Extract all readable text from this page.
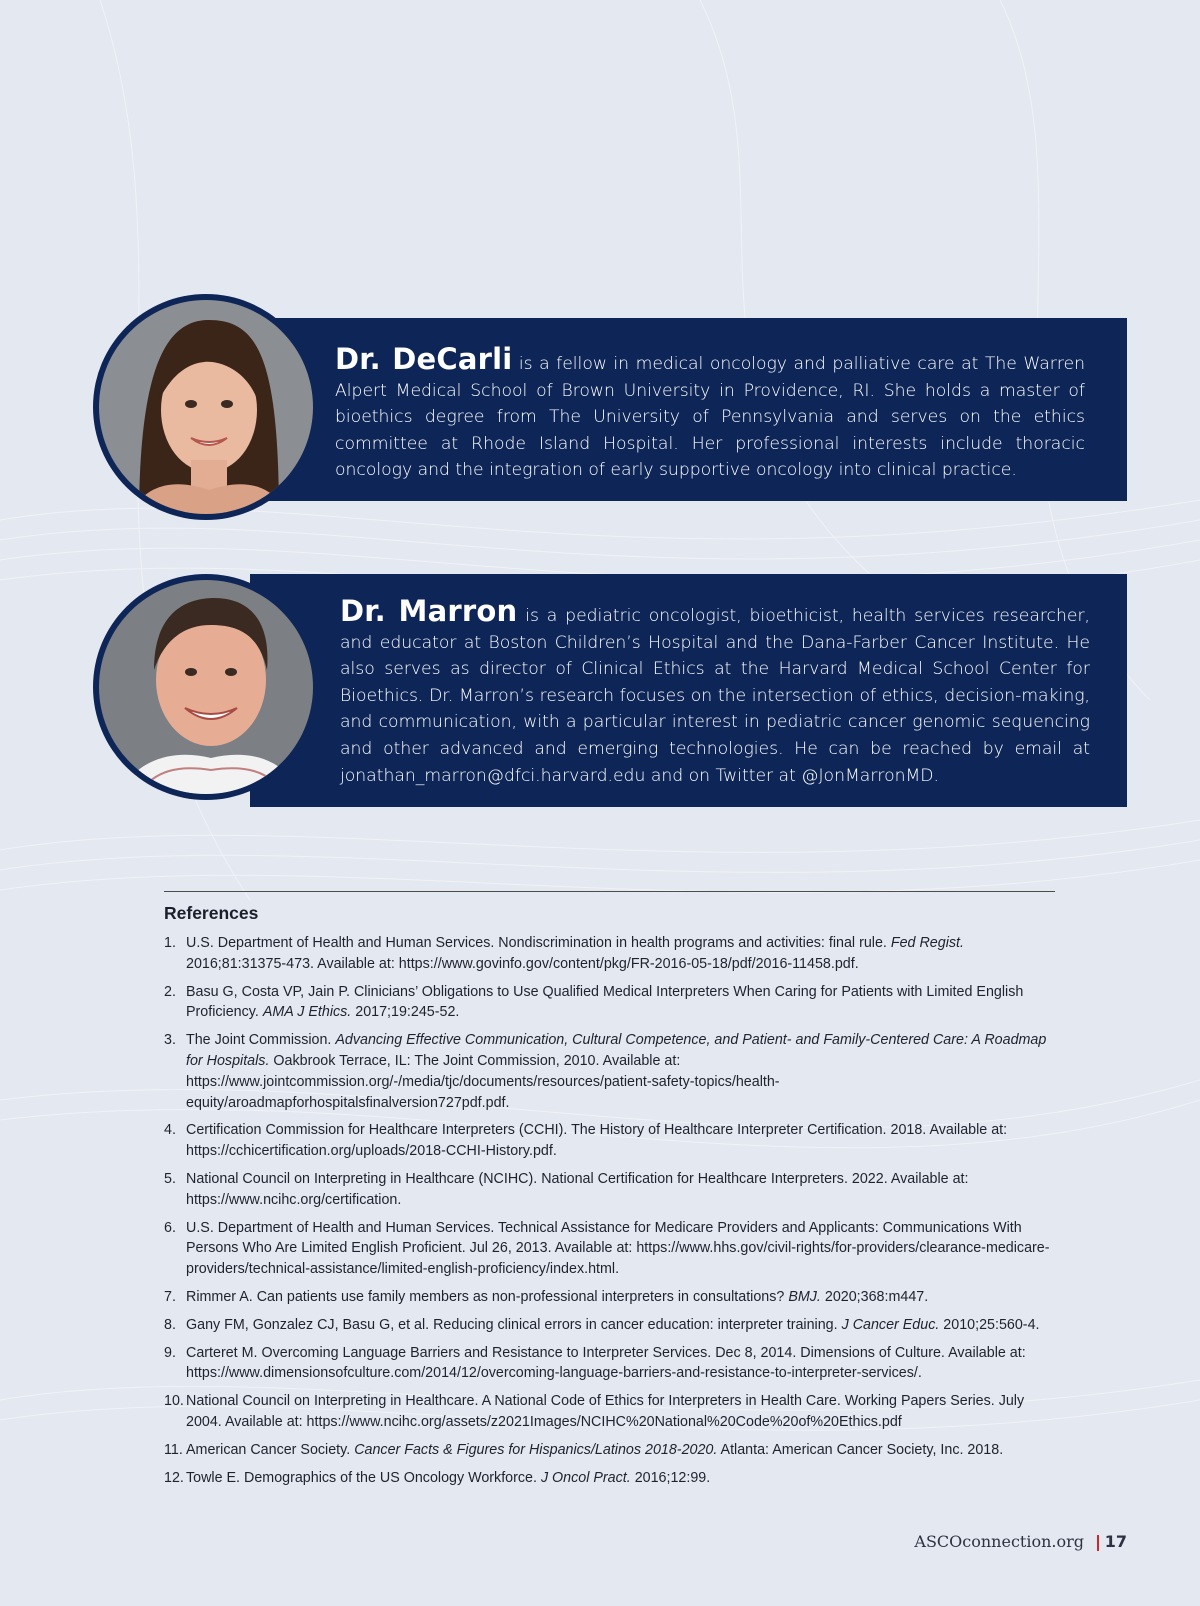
Dr. DeCarli is a fellow in medical oncology and palliative care at The Warren Alpert Medical School of Brown University in Providence, RI. She holds a master of bioethics degree from The University of Pennsylvania and serves on the ethics committee at Rhode Island Hospital. Her professional interests include thoracic oncology and the integration of early supportive oncology into clinical practice.
Dr. Marron is a pediatric oncologist, bioethicist, health services researcher, and educator at Boston Children’s Hospital and the Dana-Farber Cancer Institute. He also serves as director of Clinical Ethics at the Harvard Medical School Center for Bioethics. Dr. Marron’s research focuses on the intersection of ethics, decision-making, and communication, with a particular interest in pediatric cancer genomic sequencing and other advanced and emerging technologies. He can be reached by email at jonathan_marron@dfci.harvard.edu and on Twitter at @JonMarronMD.
References
1. U.S. Department of Health and Human Services. Nondiscrimination in health programs and activities: final rule. Fed Regist. 2016;81:31375-473. Available at: https://www.govinfo.gov/content/pkg/FR-2016-05-18/pdf/2016-11458.pdf.
2. Basu G, Costa VP, Jain P. Clinicians’ Obligations to Use Qualified Medical Interpreters When Caring for Patients with Limited English Proficiency. AMA J Ethics. 2017;19:245-52.
3. The Joint Commission. Advancing Effective Communication, Cultural Competence, and Patient- and Family-Centered Care: A Roadmap for Hospitals. Oakbrook Terrace, IL: The Joint Commission, 2010. Available at: https://www.jointcommission.org/-/media/tjc/documents/resources/patient-safety-topics/health-equity/aroadmapforhospitalsfinalversion727pdf.pdf.
4. Certification Commission for Healthcare Interpreters (CCHI). The History of Healthcare Interpreter Certification. 2018. Available at: https://cchicertification.org/uploads/2018-CCHI-History.pdf.
5. National Council on Interpreting in Healthcare (NCIHC). National Certification for Healthcare Interpreters. 2022. Available at: https://www.ncihc.org/certification.
6. U.S. Department of Health and Human Services. Technical Assistance for Medicare Providers and Applicants: Communications With Persons Who Are Limited English Proficient. Jul 26, 2013. Available at: https://www.hhs.gov/civil-rights/for-providers/clearance-medicare-providers/technical-assistance/limited-english-proficiency/index.html.
7. Rimmer A. Can patients use family members as non-professional interpreters in consultations? BMJ. 2020;368:m447.
8. Gany FM, Gonzalez CJ, Basu G, et al. Reducing clinical errors in cancer education: interpreter training. J Cancer Educ. 2010;25:560-4.
9. Carteret M. Overcoming Language Barriers and Resistance to Interpreter Services. Dec 8, 2014. Dimensions of Culture. Available at: https://www.dimensionsofculture.com/2014/12/overcoming-language-barriers-and-resistance-to-interpreter-services/.
10. National Council on Interpreting in Healthcare. A National Code of Ethics for Interpreters in Health Care. Working Papers Series. July 2004. Available at: https://www.ncihc.org/assets/z2021Images/NCIHC%20National%20Code%20of%20Ethics.pdf
11. American Cancer Society. Cancer Facts & Figures for Hispanics/Latinos 2018-2020. Atlanta: American Cancer Society, Inc. 2018.
12. Towle E. Demographics of the US Oncology Workforce. J Oncol Pract. 2016;12:99.
ASCOconnection.org 17
